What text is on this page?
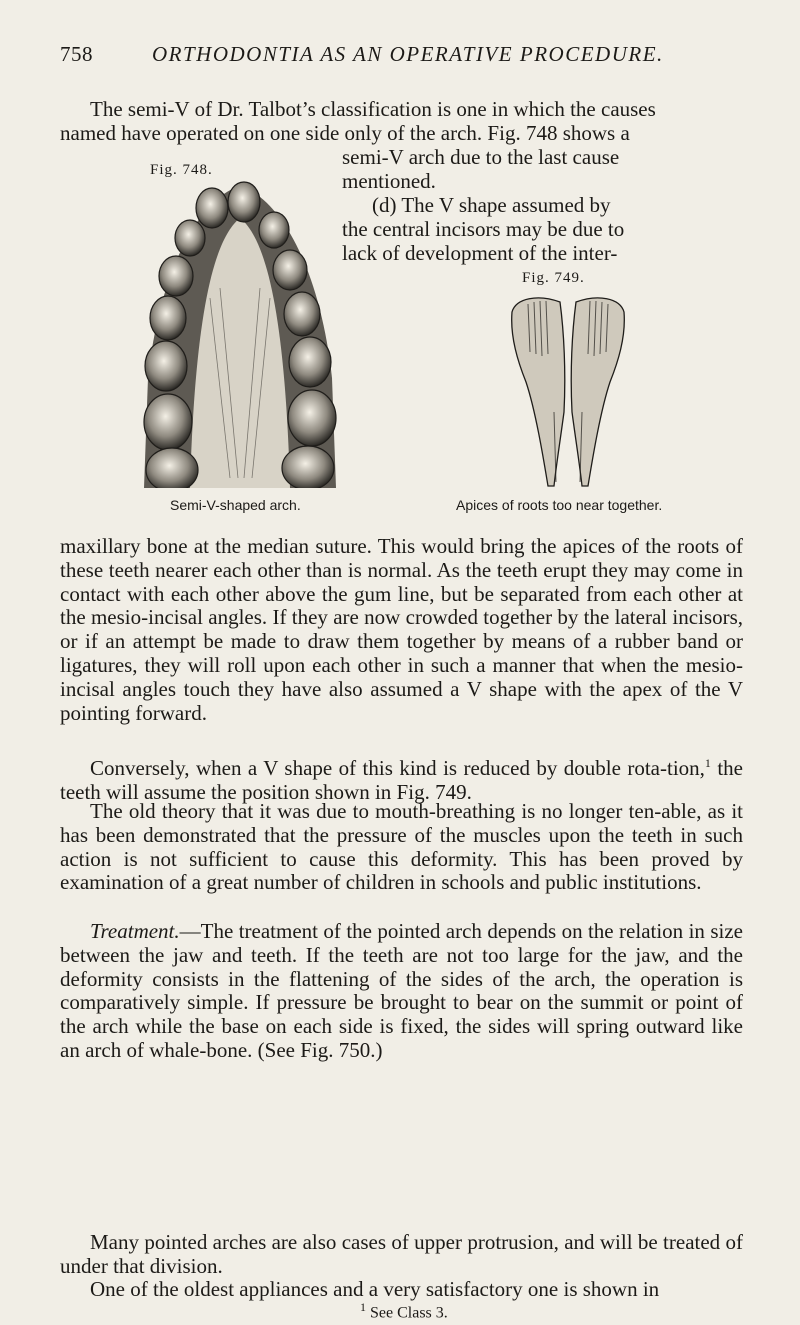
758	ORTHODONTIA AS AN OPERATIVE PROCEDURE.
The semi-V of Dr. Talbot’s classification is one in which the causes
named have operated on one side only of the arch. Fig. 748 shows a
semi-V arch due to the last cause
mentioned.
(d) The V shape assumed by
the central incisors may be due to
lack of development of the inter-
Fig. 748.
Semi-V-shaped arch.
Fig. 749.
Apices of roots too near together.

maxillary bone at the median suture. This would bring the apices of the roots of these teeth nearer each other than is normal. As the teeth erupt they may come in contact with each other above the gum line, but be separated from each other at the mesio-incisal angles. If they are now crowded together by the lateral incisors, or if an attempt be made to draw them together by means of a rubber band or ligatures, they will roll upon each other in such a manner that when the mesio-incisal angles touch they have also assumed a V shape with the apex of the V pointing forward.

Conversely, when a V shape of this kind is reduced by double rota-tion,$^1$ the teeth will assume the position shown in Fig. 749.

The old theory that it was due to mouth-breathing is no longer ten-able, as it has been demonstrated that the pressure of the muscles upon the teeth in such action is not sufficient to cause this deformity. This has been proved by examination of a great number of children in schools and public institutions.

Treatment.—The treatment of the pointed arch depends on the relation in size between the jaw and teeth. If the teeth are not too large for the jaw, and the deformity consists in the flattening of the sides of the arch, the operation is comparatively simple. If pressure be brought to bear on the summit or point of the arch while the base on each side is fixed, the sides will spring outward like an arch of whale-bone. (See Fig. 750.)

Many pointed arches are also cases of upper protrusion, and will be treated of under that division.

One of the oldest appliances and a very satisfactory one is shown in

$^1$ See Class 3.
